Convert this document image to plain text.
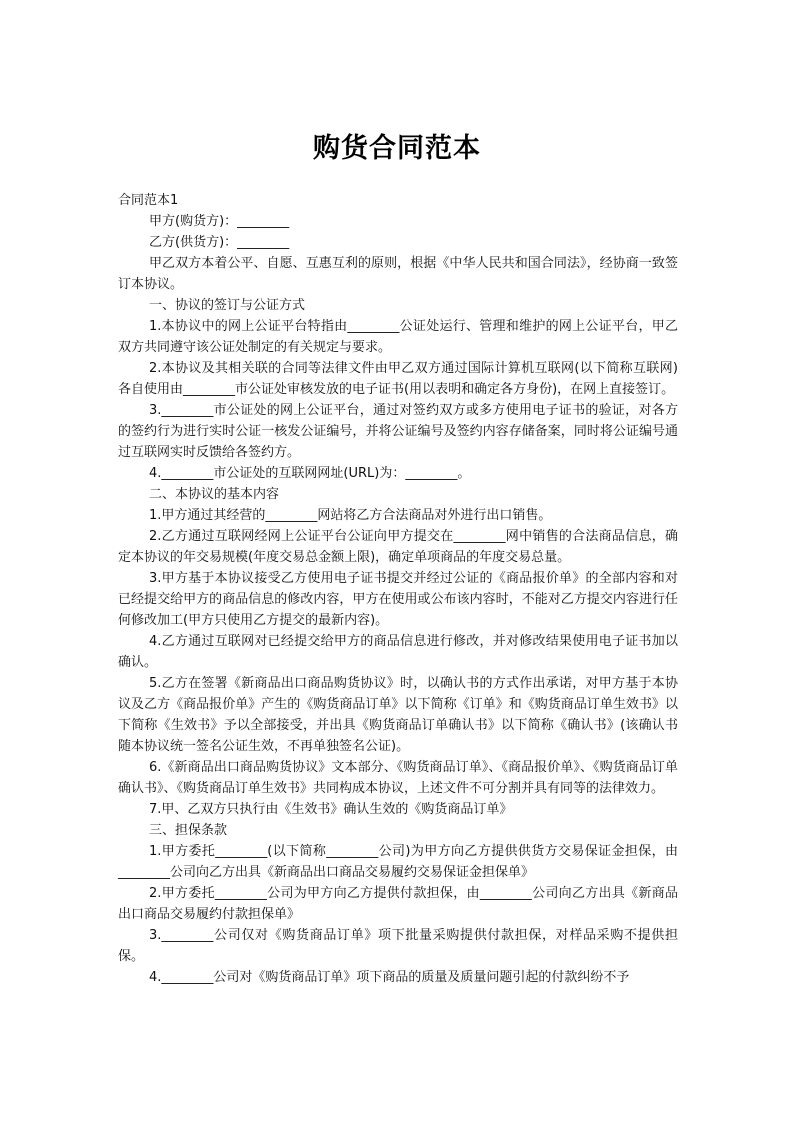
购货合同范本

合同范本1

甲方(购货方)：________

乙方(供货方)：________

甲乙双方本着公平、自愿、互惠互利的原则，根据《中华人民共和国合同法》，经协商一致签订本协议。

一、协议的签订与公证方式

1.本协议中的网上公证平台特指由________公证处运行、管理和维护的网上公证平台，甲乙双方共同遵守该公证处制定的有关规定与要求。

2.本协议及其相关联的合同等法律文件由甲乙双方通过国际计算机互联网(以下简称互联网)各自使用由________市公证处审核发放的电子证书(用以表明和确定各方身份)，在网上直接签订。

3.________市公证处的网上公证平台，通过对签约双方或多方使用电子证书的验证，对各方的签约行为进行实时公证一核发公证编号，并将公证编号及签约内容存储备案，同时将公证编号通过互联网实时反馈给各签约方。

4.________市公证处的互联网网址(URL)为：________。

二、本协议的基本内容

1.甲方通过其经营的________网站将乙方合法商品对外进行出口销售。

2.乙方通过互联网经网上公证平台公证向甲方提交在________网中销售的合法商品信息，确定本协议的年交易规模(年度交易总金额上限)，确定单项商品的年度交易总量。

3.甲方基于本协议接受乙方使用电子证书提交并经过公证的《商品报价单》的全部内容和对已经提交给甲方的商品信息的修改内容，甲方在使用或公布该内容时，不能对乙方提交内容进行任何修改加工(甲方只使用乙方提交的最新内容)。

4.乙方通过互联网对已经提交给甲方的商品信息进行修改，并对修改结果使用电子证书加以确认。

5.乙方在签署《新商品出口商品购货协议》时，以确认书的方式作出承诺，对甲方基于本协议及乙方《商品报价单》产生的《购货商品订单》以下简称《订单》和《购货商品订单生效书》以下简称《生效书》予以全部接受，并出具《购货商品订单确认书》以下简称《确认书》(该确认书随本协议统一签名公证生效，不再单独签名公证)。

6.《新商品出口商品购货协议》文本部分、《购货商品订单》、《商品报价单》、《购货商品订单确认书》、《购货商品订单生效书》共同构成本协议，上述文件不可分割并具有同等的法律效力。

7.甲、乙双方只执行由《生效书》确认生效的《购货商品订单》

三、担保条款

1.甲方委托________(以下简称________公司)为甲方向乙方提供供货方交易保证金担保，由________公司向乙方出具《新商品出口商品交易履约交易保证金担保单》

2.甲方委托________公司为甲方向乙方提供付款担保，由________公司向乙方出具《新商品出口商品交易履约付款担保单》

3.________公司仅对《购货商品订单》项下批量采购提供付款担保，对样品采购不提供担保。

4.________公司对《购货商品订单》项下商品的质量及质量问题引起的付款纠纷不予
